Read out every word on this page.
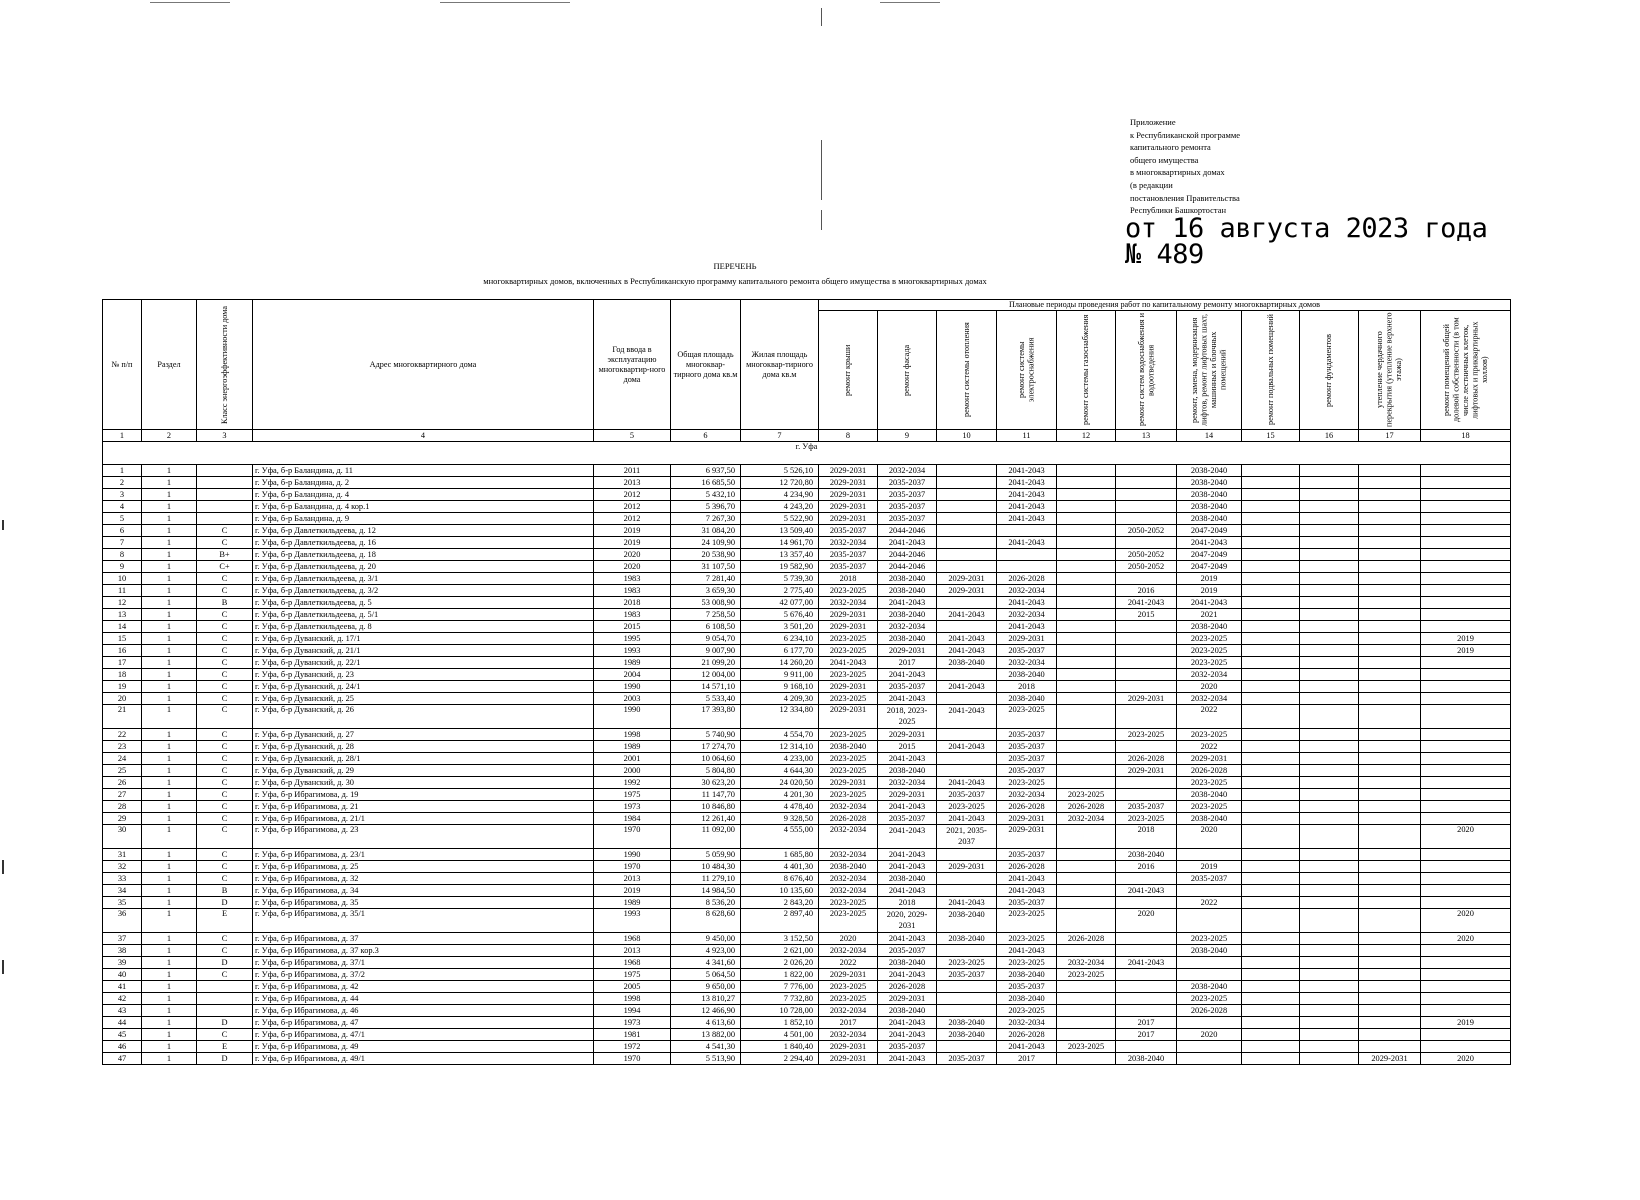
Приложение
к Республиканской программе
капитального ремонта
общего имущества
в многоквартирных домах
(в редакции
постановления Правительства
Республики Башкортостан
от 16 августа 2023 года
№ 489
ПЕРЕЧЕНЬ
многоквартирных домов, включенных в Республиканскую программу капитального ремонта общего имущества в многоквартирных домах
№ п/п	Раздел	Класс энергоэффективности дома	Адрес многоквартирного дома	Год ввода в эксплуатацию многоквартир-ного дома	Общая площадь многоквар-тирного дома кв.м	Жилая площадь многоквар-тирного дома кв.м	Плановые периоды проведения работ по капитальному ремонту многоквартирных домов										

							ремонт крыши	ремонт фасада	ремонт системы отопления	ремонт системы электроснабжения	ремонт системы газоснабжения	ремонт систем водоснабжения и водоотведения	ремонт, замена, модернизация лифтов, ремонт лифтовых шахт, машинных и блочных помещений	ремонт подвальных помещений	ремонт фундаментов	утепление чердачного перекрытия (утепление верхнего этажа)	ремонт помещений общей долевой собственности (в том числе лестничных клеток, лифтовых и приквартирных холлов)

1	2	3	4	5	6	7	8	9	10	11	12	13	14	15	16	17	18
г. Уфа																	
1	1		г. Уфа, б-р Баландина, д. 11	2011	6 937,50	5 526,10	2029-2031	2032-2034		2041-2043			2038-2040				
2	1		г. Уфа, б-р Баландина, д. 2	2013	16 685,50	12 720,80	2029-2031	2035-2037		2041-2043			2038-2040				
3	1		г. Уфа, б-р Баландина, д. 4	2012	5 432,10	4 234,90	2029-2031	2035-2037		2041-2043			2038-2040				
4	1		г. Уфа, б-р Баландина, д. 4 кор.1	2012	5 396,70	4 243,20	2029-2031	2035-2037		2041-2043			2038-2040				
5	1		г. Уфа, б-р Баландина, д. 9	2012	7 267,30	5 522,90	2029-2031	2035-2037		2041-2043			2038-2040				
6	1	С	г. Уфа, б-р Давлеткильдеева, д. 12	2019	31 084,20	13 509,40	2035-2037	2044-2046				2050-2052	2047-2049				
7	1	С	г. Уфа, б-р Давлеткильдеева, д. 16	2019	24 109,90	14 961,70	2032-2034	2041-2043		2041-2043			2041-2043				
8	1	В+	г. Уфа, б-р Давлеткильдеева, д. 18	2020	20 538,90	13 357,40	2035-2037	2044-2046				2050-2052	2047-2049				
9	1	С+	г. Уфа, б-р Давлеткильдеева, д. 20	2020	31 107,50	19 582,90	2035-2037	2044-2046				2050-2052	2047-2049				
10	1	С	г. Уфа, б-р Давлеткильдеева, д. 3/1	1983	7 281,40	5 739,30	2018	2038-2040	2029-2031	2026-2028			2019				
11	1	С	г. Уфа, б-р Давлеткильдеева, д. 3/2	1983	3 659,30	2 775,40	2023-2025	2038-2040	2029-2031	2032-2034		2016	2019				
12	1	В	г. Уфа, б-р Давлеткильдеева, д. 5	2018	53 008,90	42 077,00	2032-2034	2041-2043		2041-2043		2041-2043	2041-2043				
13	1	С	г. Уфа, б-р Давлеткильдеева, д. 5/1	1983	7 258,50	5 676,40	2029-2031	2038-2040	2041-2043	2032-2034		2015	2021				
14	1	С	г. Уфа, б-р Давлеткильдеева, д. 8	2015	6 108,50	3 501,20	2029-2031	2032-2034		2041-2043			2038-2040				
15	1	С	г. Уфа, б-р Дуванский, д. 17/1	1995	9 054,70	6 234,10	2023-2025	2038-2040	2041-2043	2029-2031			2023-2025				2019
16	1	С	г. Уфа, б-р Дуванский, д. 21/1	1993	9 007,90	6 177,70	2023-2025	2029-2031	2041-2043	2035-2037			2023-2025				2019
17	1	С	г. Уфа, б-р Дуванский, д. 22/1	1989	21 099,20	14 260,20	2041-2043	2017	2038-2040	2032-2034			2023-2025				
18	1	С	г. Уфа, б-р Дуванский, д. 23	2004	12 004,00	9 911,00	2023-2025	2041-2043		2038-2040			2032-2034				
19	1	С	г. Уфа, б-р Дуванский, д. 24/1	1990	14 571,10	9 168,10	2029-2031	2035-2037	2041-2043	2018			2020				
20	1	С	г. Уфа, б-р Дуванский, д. 25	2003	5 533,40	4 209,30	2023-2025	2041-2043		2038-2040		2029-2031	2032-2034				
21	1	С	г. Уфа, б-р Дуванский, д. 26	1990	17 393,80	12 334,80	2029-2031	2018, 2023-2025	2041-2043	2023-2025			2022				
22	1	С	г. Уфа, б-р Дуванский, д. 27	1998	5 740,90	4 554,70	2023-2025	2029-2031		2035-2037		2023-2025	2023-2025				
23	1	С	г. Уфа, б-р Дуванский, д. 28	1989	17 274,70	12 314,10	2038-2040	2015	2041-2043	2035-2037			2022				
24	1	С	г. Уфа, б-р Дуванский, д. 28/1	2001	10 064,60	4 233,00	2023-2025	2041-2043		2035-2037		2026-2028	2029-2031				
25	1	С	г. Уфа, б-р Дуванский, д. 29	2000	5 804,80	4 644,30	2023-2025	2038-2040		2035-2037		2029-2031	2026-2028				
26	1	С	г. Уфа, б-р Дуванский, д. 30	1992	30 623,20	24 020,50	2029-2031	2032-2034	2041-2043	2023-2025			2023-2025				
27	1	С	г. Уфа, б-р Ибрагимова, д. 19	1975	11 147,70	4 201,30	2023-2025	2029-2031	2035-2037	2032-2034	2023-2025		2038-2040				
28	1	С	г. Уфа, б-р Ибрагимова, д. 21	1973	10 846,80	4 478,40	2032-2034	2041-2043	2023-2025	2026-2028	2026-2028	2035-2037	2023-2025				
29	1	С	г. Уфа, б-р Ибрагимова, д. 21/1	1984	12 261,40	9 328,50	2026-2028	2035-2037	2041-2043	2029-2031	2032-2034	2023-2025	2038-2040				
30	1	С	г. Уфа, б-р Ибрагимова, д. 23	1970	11 092,00	4 555,00	2032-2034	2041-2043	2021, 2035-2037	2029-2031		2018	2020				2020
31	1	С	г. Уфа, б-р Ибрагимова, д. 23/1	1990	5 059,90	1 685,80	2032-2034	2041-2043		2035-2037		2038-2040					
32	1	С	г. Уфа, б-р Ибрагимова, д. 25	1970	10 484,30	4 401,30	2038-2040	2041-2043	2029-2031	2026-2028		2016	2019				
33	1	С	г. Уфа, б-р Ибрагимова, д. 32	2013	11 279,10	8 676,40	2032-2034	2038-2040		2041-2043			2035-2037				
34	1	В	г. Уфа, б-р Ибрагимова, д. 34	2019	14 984,50	10 135,60	2032-2034	2041-2043		2041-2043		2041-2043					
35	1	D	г. Уфа, б-р Ибрагимова, д. 35	1989	8 536,20	2 843,20	2023-2025	2018	2041-2043	2035-2037			2022				
36	1	E	г. Уфа, б-р Ибрагимова, д. 35/1	1993	8 628,60	2 897,40	2023-2025	2020, 2029-2031	2038-2040	2023-2025		2020					2020
37	1	С	г. Уфа, б-р Ибрагимова, д. 37	1968	9 450,00	3 152,50	2020	2041-2043	2038-2040	2023-2025	2026-2028		2023-2025				2020
38	1	С	г. Уфа, б-р Ибрагимова, д. 37 кор.3	2013	4 923,00	2 621,00	2032-2034	2035-2037		2041-2043			2038-2040				
39	1	D	г. Уфа, б-р Ибрагимова, д. 37/1	1968	4 341,60	2 026,20	2022	2038-2040	2023-2025	2023-2025	2032-2034	2041-2043					
40	1	С	г. Уфа, б-р Ибрагимова, д. 37/2	1975	5 064,50	1 822,00	2029-2031	2041-2043	2035-2037	2038-2040	2023-2025						
41	1		г. Уфа, б-р Ибрагимова, д. 42	2005	9 650,00	7 776,00	2023-2025	2026-2028		2035-2037			2038-2040				
42	1		г. Уфа, б-р Ибрагимова, д. 44	1998	13 810,27	7 732,80	2023-2025	2029-2031		2038-2040			2023-2025				
43	1		г. Уфа, б-р Ибрагимова, д. 46	1994	12 466,90	10 728,00	2032-2034	2038-2040		2023-2025			2026-2028				
44	1	D	г. Уфа, б-р Ибрагимова, д. 47	1973	4 613,60	1 852,10	2017	2041-2043	2038-2040	2032-2034		2017					2019
45	1	С	г. Уфа, б-р Ибрагимова, д. 47/1	1981	13 882,00	4 501,00	2032-2034	2041-2043	2038-2040	2026-2028		2017	2020				
46	1	E	г. Уфа, б-р Ибрагимова, д. 49	1972	4 541,30	1 840,40	2029-2031	2035-2037		2041-2043	2023-2025						
47	1	D	г. Уфа, б-р Ибрагимова, д. 49/1	1970	5 513,90	2 294,40	2029-2031	2041-2043	2035-2037	2017		2038-2040				2029-2031	2020
